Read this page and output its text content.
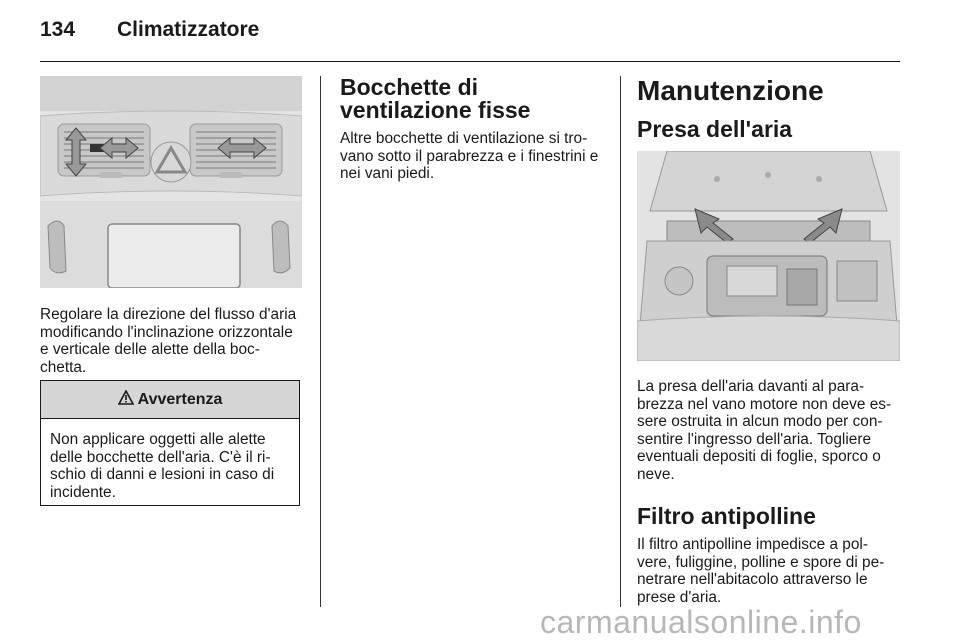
134 Climatizzatore
Regolare la direzione del flusso d'aria modificando l'inclinazione orizzontale e verticale delle alette della boc-chetta.
Avvertenza
Non applicare oggetti alle alette delle bocchette dell'aria. C'è il ri-schio di danni e lesioni in caso di incidente.
Bocchette di ventilazione fisse
Altre bocchette di ventilazione si tro-vano sotto il parabrezza e i finestrini e nei vani piedi.
Manutenzione
Presa dell'aria
La presa dell'aria davanti al para-brezza nel vano motore non deve es-sere ostruita in alcun modo per con-sentire l'ingresso dell'aria. Togliere eventuali depositi di foglie, sporco o neve.
Filtro antipolline
Il filtro antipolline impedisce a pol-vere, fuliggine, polline e spore di pe-netrare nell'abitacolo attraverso le prese d'aria.
carmanualsonline.info
